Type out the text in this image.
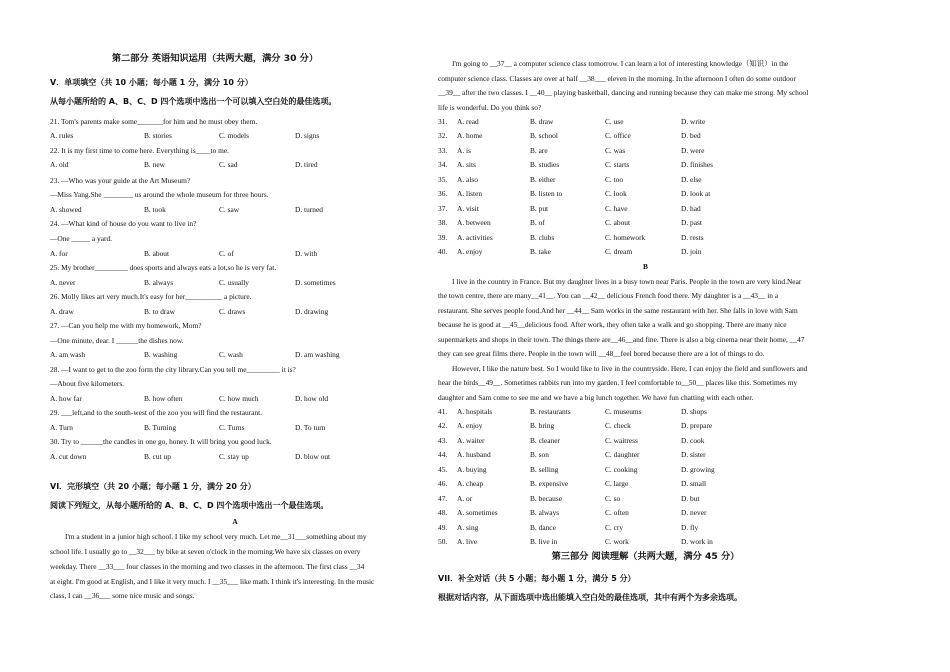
第二部分 英语知识运用（共两大题，满分 30 分）
V．单项填空（共 10 小题；每小题 1 分，满分 10 分）
从每小题所给的 A、B、C、D 四个选项中选出一个可以填入空白处的最佳选项。
21. Tom's parents make some_______for him and he must obey them.
A. rules	B. stories	C. models	D. signs
22. It is my first time to come here. Everything is____to me.
A. old	B. new	C. sad	D. tired
23. —Who was your guide at the Art Museum?
—Miss Yang.She ________ us around the whole museum for three hours.
A. showed	B. took	C. saw	D. turned
24. —What kind of house do you want to live in?
—One _____ a yard.
A. for	B. about	C. of	D. with
25. My brother_________ does sports and always eats a lot,so he is very fat.
A. never	B. always	C. usually	D. sometimes
26. Molly likes art very much.It's easy for her__________ a picture.
A. draw	B. to draw	C. draws	D. drawing
27. —Can you help me with my homework, Mom?
—One minute, dear. I ______the dishes now.
A. am wash	B. washing	C. wash	D. am washing
28. —I want to get to the zoo form the city library.Can you tell me_________ it is?
—About five kilometers.
A. how far	B. how often	C. how much	D. how old
29. ___left,and to the south-west of the zoo you will find the restaurant.
A. Turn	B. Turning	C. Turns	D. To turn
30. Try to ______the candles in one go, honey. It will bring you good luck.
A. cut down	B. cut up	C. stay up	D. blow out
VI．完形填空（共 20 小题；每小题 1 分，满分 20 分）
阅读下列短文，从每小题所给的 A、B、C、D 四个选项中选出一个最佳选项。
A
I'm a student in a junior high school. I like my school very much. Let me__31___something about my
school life. I usually go to __32___ by bike at seven o'clock in the morning.We have six classes on every
weekday. There __33___ four classes in the morning and two classes in the afternoon. The first class __34
at eight. I'm good at English, and I like it very much. I __35___ like math. I think it's interesting. In the music
class, I can __36___ some nice music and songs.
I'm going to __37__ a computer science class tomorrow. I can learn a lot of interesting knowledge（知识）in the
computer science class. Classes are over at half __38___ eleven in the morning. In the afternoon I often do some outdoor
__39__ after the two classes. I __40__ playing basketball, dancing and running because they can make me strong. My school
life is wonderful. Do you think so?
31. A. read	B. draw	C. use	D. write
32. A. home	B. school	C. office	D. bed
33. A. is	B. are	C. was	D. were
34. A. sits	B. studies	C. starts	D. finishes
35. A. also	B. either	C. too	D. else
36. A. listen	B. listen to	C. look	D. look at
37. A. visit	B. put	C. have	D. had
38. A. between	B. of	C. about	D. past
39. A. activities	B. clubs	C. homework	D. rests
40. A. enjoy	B. take	C. dream	D. join
B
I live in the country in France. But my daughter lives in a busy town near Paris. People in the town are very kind.Near
the town centre, there are many__41__. You can __42__ delicious French food there. My daughter is a __43__ in a
restaurant. She serves people food.And her __44__ Sam works in the same restaurant with her. She falls in love with Sam
because he is good at __45__delicious food. After work, they often take a walk and go shopping. There are many nice
supermarkets and shops in their town. The things there are__46__and fine. There is also a big cinema near their home, __47
they can see great films there. People in the town will __48__feel bored because there are a lot of things to do.
However, I like the nature best. So I would like to live in the countryside. Here, I can enjoy the field and sunflowers and
hear the birds__49__. Sometimes rabbits run into my garden. I feel comfortable to__50__ places like this. Sometimes my
daughter and Sam come to see me and we have a big lunch together. We have fun chatting with each other.
41. A. hospitals	B. restaurants	C. museums	D. shops
42. A. enjoy	B. bring	C. check	D. prepare
43. A. waiter	B. cleaner	C. waitress	D. cook
44. A. husband	B. son	C. daughter	D. sister
45. A. buying	B. selling	C. cooking	D. growing
46. A. cheap	B. expensive	C. large	D. small
47. A. or	B. because	C. so	D. but
48. A. sometimes	B. always	C. often	D. never
49. A. sing	B. dance	C. cry	D. fly
50. A. live	B. live in	C. work	D. work in
第三部分 阅读理解（共两大题，满分 45 分）
VII．补全对话（共 5 小题；每小题 1 分，满分 5 分）
根据对话内容，从下面选项中选出能填入空白处的最佳选项，其中有两个为多余选项。
